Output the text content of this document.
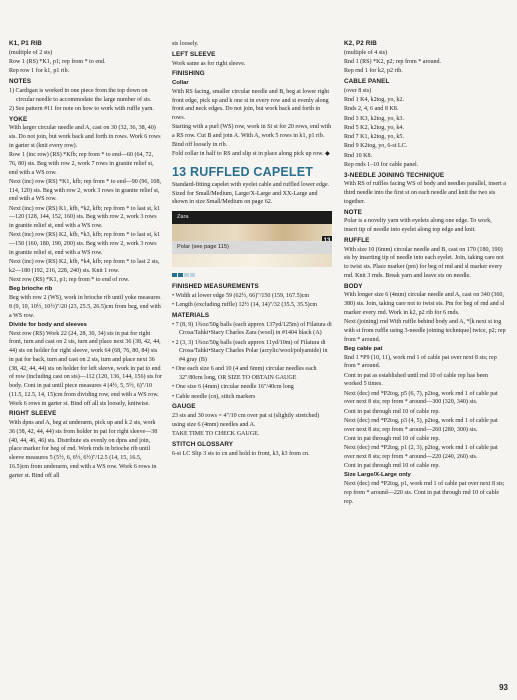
K1, P1 RIB
(multiple of 2 sts)
Row 1 (RS) *K1, p1; rep from * to end.
Rep row 1 for k1, p1 rib.
NOTES
1) Cardigan is worked in one piece from the top down on circular needle to accommodate the large number of sts.
2) See pattern #11 for note on how to work with ruffle yarn.
YOKE
With larger circular needle and A, cast on 30 (32, 36, 38, 40) sts. Do not join, but work back and forth in rows. Work 6 rows in garter st (knit every row).
Row 1 (inc row) (RS) *Kfb; rep from * to end—60 (64, 72, 76, 80) sts. Beg with row 2, work 7 rows in granite relief st, end with a WS row.
Next (inc) row (RS) *K1, kfb; rep from * to end—90 (96, 108, 114, 120) sts. Beg with row 2, work 3 rows in granite relief st, end with a WS row.
Next (inc) row (RS) K1, kfb, *k2, kfb; rep from * to last st, k1—120 (128, 144, 152, 160) sts. Beg with row 2, work 3 rows in granite relief st, end with a WS row.
Next (inc) row (RS) K2, kfb, *k3, kfb; rep from * to last st, k1—150 (160, 180, 190, 200) sts. Beg with row 2, work 3 rows in granite relief st, end with a WS row.
Next (inc) row (RS) K2, kfb, *k4, kfb; rep from * to last 2 sts, k2—180 (192, 216, 228, 240) sts. Knit 1 row.
Next row (RS) *K1, p1; rep from * to end of row.
Beg brioche rib
Beg with row 2 (WS), work in brioche rib until yoke measures 8 (9, 10, 10½, 10½)"/20 (23, 25.5, 26.5)cm from beg, end with a WS row.
Divide for body and sleeves
Next row (RS) Work 22 (24, 28, 30, 34) sts in pat for right front, turn and cast on 2 sts, turn and place next 36 (38, 42, 44, 44) sts on holder for right sleeve, work 64 (68, 76, 80, 84) sts in pat for back, turn and cast on 2 sts, turn and place next 36 (38, 42, 44, 44) sts on holder for left sleeve, work in pat to end of row (including cast on sts)—112 (120, 136, 144, 156) sts for body. Cont in pat until piece measures 4 (4½, 5, 5½, 6)"/10 (11.5, 12.5, 14, 15)cm from dividing row, end with a WS row. Work 6 rows in garter st. Bind off all sts loosely, knitwise.
RIGHT SLEEVE
With dpns and A, beg at underarm, pick up and k 2 sts, work 36 (38, 42, 44, 44) sts from holder in pat for right sleeve—38 (40, 44, 46, 46) sts. Distribute sts evenly on dpns and join, place marker for beg of rnd. Work rnds in brioche rib until sleeve measures 5 (5½, 6, 6½, 6½)"/12.5 (14, 15, 16.5, 16.5)cm from underarm, end with a WS row. Work 6 rows in garter st. Bind off all
sts loosely.
LEFT SLEEVE
Work same as for right sleeve.
FINISHING
Collar
With RS facing, smaller circular needle and B, beg at lower right front edge, pick up and k one st in every row and st evenly along front and neck edges. Do not join, but work back and forth in rows.
Starting with a purl (WS) row, work in St st for 20 rows, end with a RS row. Cut B and join A. With A, work 5 rows in k1, p1 rib. Bind off loosely in rib.
Fold collar in half to RS and slip st in place along pick up row. ◆
13 RUFFLED CAPELET
Standard-fitting capelet with eyelet cable and ruffled lower edge. Sized for Small/Medium, Large/X-Large and XX-Large and shown in size Small/Medium on page 62.
Zara
Polar (see page 115)
FINISHED MEASUREMENTS
• Width at lower edge 59 (62½, 66)"/150 (159, 167.5)cm
• Length (excluding ruffle) 12½ (14, 14)"/32 (35.5, 35.5)cm
MATERIALS
• 7 (8, 9) 1¾oz/50g balls (each approx 137yd/125m) of Filatura di Crosa/Tahki•Stacy Charles Zara (wool) in #1404 black (A)
• 2 (3, 3) 1¾oz/50g balls (each approx 11yd/10m) of Filatura di Crosa/Tahki•Stacy Charles Polar (acrylic/wool/polyamide) in #4 gray (B)
• One each size 6 and 10 (4 and 6mm) circular needles each 32"/80cm long, OR SIZE TO OBTAIN GAUGE
• One size 6 (4mm) circular needle 16"/40cm long
• Cable needle (cn), stitch markers
GAUGE
23 sts and 30 rows = 4"/10 cm over pat st (slightly stretched) using size 6 (4mm) needles and A.
TAKE TIME TO CHECK GAUGE.
STITCH GLOSSARY
6-st LC Slip 3 sts to cn and hold to front, k3, k3 from cn.
K2, P2 RIB
(multiple of 4 sts)
Rnd 1 (RS) *K2, p2; rep from * around.
Rep rnd 1 for k2, p2 rib.
CABLE PANEL
(over 8 sts)
Rnd 1 K4, k2tog, yo, k2.
Rnds 2, 4, 6 and 8 K8.
Rnd 3 K3, k2tog, yo, k3.
Rnd 5 K2, k2tog, yo, k4.
Rnd 7 K1, k2tog, yo, k5.
Rnd 9 K2tog, yo, 6-st LC.
Rnd 10 K8.
Rep rnds 1–10 for cable panel.
3-NEEDLE JOINING TECHNIQUE
With RS of ruffles facing WS of body and needles parallel, insert a third needle into the first st on each needle and knit the two sts together.
NOTE
Polar is a novelty yarn with eyelets along one edge. To work, insert tip of needle into eyelet along top edge and knit.
RUFFLE
With size 10 (6mm) circular needle and B, cast on 170 (180, 190) sts by inserting tip of needle into each eyelet. Join, taking care not to twist sts. Place marker (pm) for beg of rnd and sl marker every rnd. Knit 3 rnds. Break yarn and leave sts on needle.
BODY
With longer size 6 (4mm) circular needle and A, cast on 340 (360, 380) sts. Join, taking care not to twist sts. Pm for beg of rnd and sl marker every rnd. Work in k2, p2 rib for 6 rnds.
Next (joining) rnd With ruffle behind body and A, *[k next st tog with st from ruffle using 3-needle joining technique] twice, p2; rep from * around.
Beg cable pat
Rnd 1 *P9 (10, 11), work rnd 1 of cable pat over next 8 sts; rep from * around.
Cont in pat as established until rnd 10 of cable rep has been worked 5 times.
Next (dec) rnd *P2tog, p5 (6, 7), p2tog, work rnd 1 of cable pat over next 8 sts; rep from * around—300 (320, 340) sts.
Cont in pat through rnd 10 of cable rep.
Next (dec) rnd *P2tog, p3 (4, 5), p2tog, work rnd 1 of cable pat over next 8 sts; rep from * around—260 (280, 300) sts.
Cont in pat through rnd 10 of cable rep.
Next (dec) rnd *P2tog, p1 (2, 3), p2tog, work rnd 1 of cable pat over next 8 sts; rep from * around—220 (240, 260) sts.
Cont in pat through rnd 10 of cable rep.
Size Large/X-Large only
Next (dec) rnd *P2tog, p1, work rnd 1 of cable pat over next 8 sts; rep from * around—220 sts. Cont in pat through rnd 10 of cable rep.
93
